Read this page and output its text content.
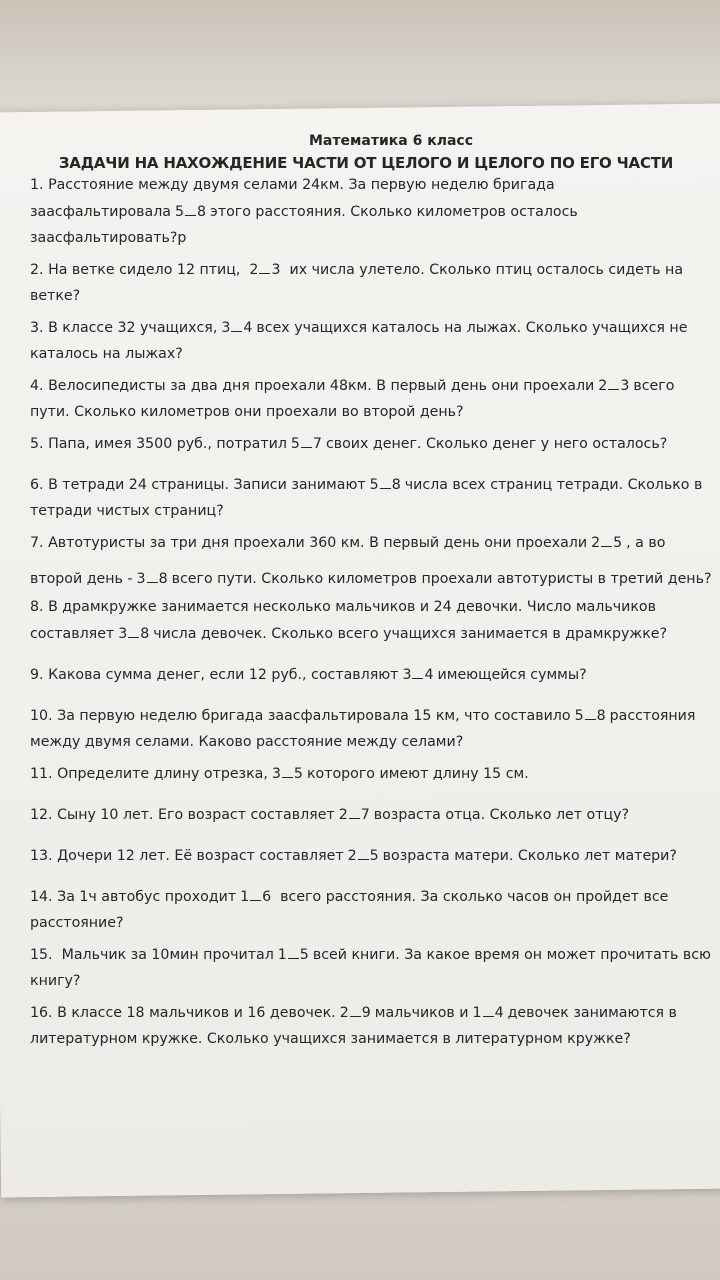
Математика 6 класс
ЗАДАЧИ НА НАХОЖДЕНИЕ ЧАСТИ ОТ ЦЕЛОГО И ЦЕЛОГО ПО ЕГО ЧАСТИ
1. Расстояние между двумя селами 24км. За первую неделю бригада
заасфальтировала 5 8 этого расстояния. Сколько километров осталось
заасфальтировать?р
2.
На ветке сидело 12 птиц, 2 3 их числа улетело. Сколько птиц осталось сидеть на
ветке?
3.
В классе 32 учащихся, 3 4 всех учащихся каталось на лыжах. Сколько учащихся не
каталось на лыжах?
4.
Велосипедисты за два дня проехали 48км. В первый день они проехали 2 3 всего
пути. Сколько километров они проехали во второй день?
5.
Папа, имея 3500 руб., потратил 5 7 своих денег. Сколько денег у него осталось?
6.
В тетради 24 страницы. Записи занимают 5 8 числа всех страниц тетради. Сколько в
тетради чистых страниц?
7.
Автотуристы за три дня проехали 360 км. В первый день они проехали 2 5 , а во
второй день - 3 8 всего пути. Сколько километров проехали автотуристы в третий день?
8. В драмкружке занимается несколько мальчиков и 24 девочки. Число мальчиков
составляет 3 8 числа девочек. Сколько всего учащихся занимается в драмкружке?
9.
Какова сумма денег, если 12 руб., составляют 3 4 имеющейся суммы?
10.
За первую неделю бригада заасфальтировала 15 км, что составило 5 8 расстояния
между двумя селами. Каково расстояние между селами?
11.
Определите длину отрезка, 3 5 которого имеют длину 15 см.
12.
Сыну 10 лет. Его возраст составляет 2 7 возраста отца. Сколько лет отцу?
13.
Дочери 12 лет. Её возраст составляет 2 5 возраста матери. Сколько лет матери?
14.
За 1ч автобус проходит 1 6 всего расстояния. За сколько часов он пройдет все
расстояние?
15.
Мальчик за 10мин прочитал 1 5 всей книги. За какое время он может прочитать всю
книгу?
16.
В классе 18 мальчиков и 16 девочек. 2 9 мальчиков и 1 4 девочек занимаются в
литературном кружке. Сколько учащихся занимается в литературном кружке?
